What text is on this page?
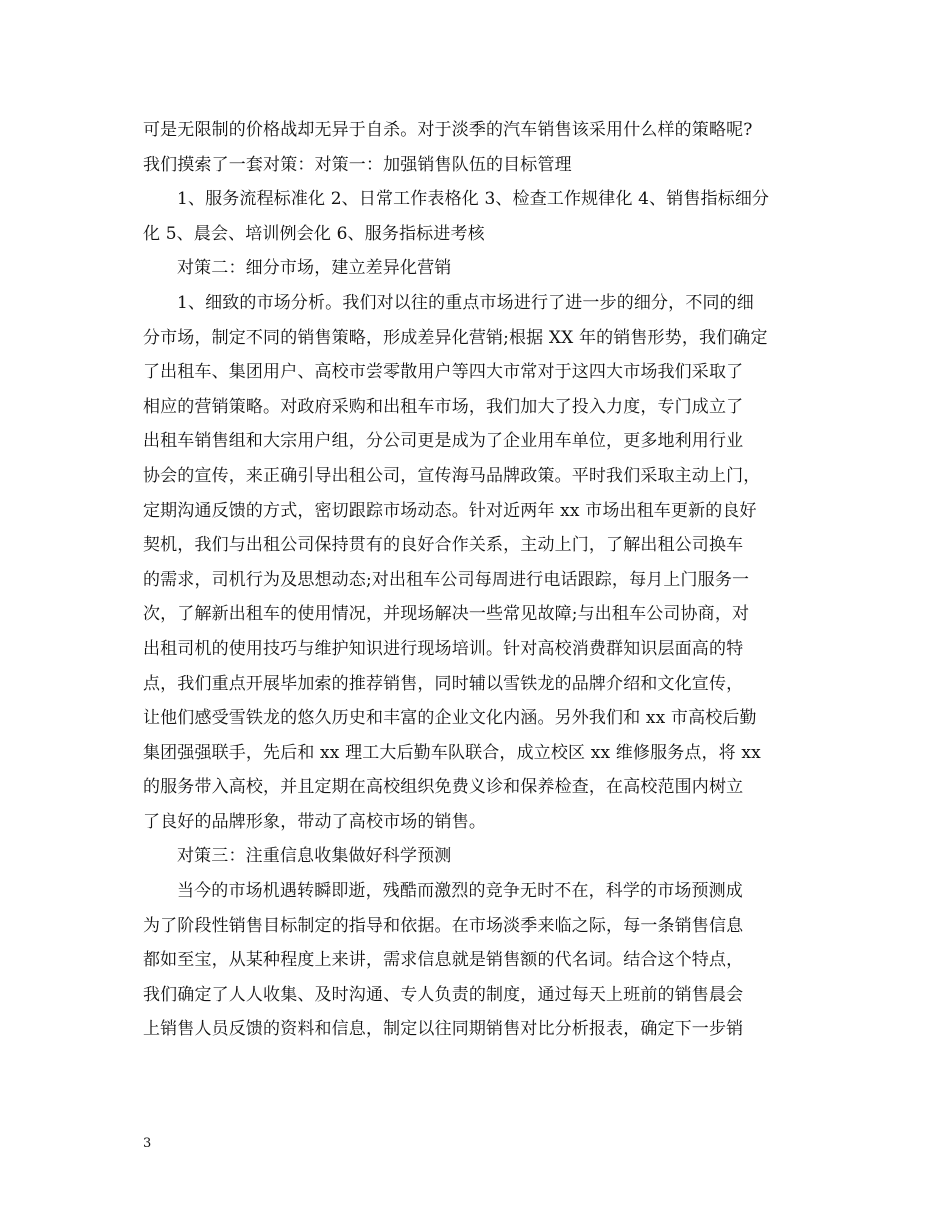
可是无限制的价格战却无异于自杀。对于淡季的汽车销售该采用什么样的策略呢?
我们摸索了一套对策：对策一：加强销售队伍的目标管理
1、服务流程标准化 2、日常工作表格化 3、检查工作规律化 4、销售指标细分
化 5、晨会、培训例会化 6、服务指标进考核
对策二：细分市场，建立差异化营销
1、细致的市场分析。我们对以往的重点市场进行了进一步的细分，不同的细
分市场，制定不同的销售策略，形成差异化营销;根据 XX 年的销售形势，我们确定
了出租车、集团用户、高校市尝零散用户等四大市常对于这四大市场我们采取了
相应的营销策略。对政府采购和出租车市场，我们加大了投入力度，专门成立了
出租车销售组和大宗用户组，分公司更是成为了企业用车单位，更多地利用行业
协会的宣传，来正确引导出租公司，宣传海马品牌政策。平时我们采取主动上门，
定期沟通反馈的方式，密切跟踪市场动态。针对近两年 xx 市场出租车更新的良好
契机，我们与出租公司保持贯有的良好合作关系，主动上门，了解出租公司换车
的需求，司机行为及思想动态;对出租车公司每周进行电话跟踪，每月上门服务一
次，了解新出租车的使用情况，并现场解决一些常见故障;与出租车公司协商，对
出租司机的使用技巧与维护知识进行现场培训。针对高校消费群知识层面高的特
点，我们重点开展毕加索的推荐销售，同时辅以雪铁龙的品牌介绍和文化宣传，
让他们感受雪铁龙的悠久历史和丰富的企业文化内涵。另外我们和 xx 市高校后勤
集团强强联手，先后和 xx 理工大后勤车队联合，成立校区 xx 维修服务点，将 xx
的服务带入高校，并且定期在高校组织免费义诊和保养检查，在高校范围内树立
了良好的品牌形象，带动了高校市场的销售。
对策三：注重信息收集做好科学预测
当今的市场机遇转瞬即逝，残酷而激烈的竞争无时不在，科学的市场预测成
为了阶段性销售目标制定的指导和依据。在市场淡季来临之际，每一条销售信息
都如至宝，从某种程度上来讲，需求信息就是销售额的代名词。结合这个特点，
我们确定了人人收集、及时沟通、专人负责的制度，通过每天上班前的销售晨会
上销售人员反馈的资料和信息，制定以往同期销售对比分析报表，确定下一步销
3
